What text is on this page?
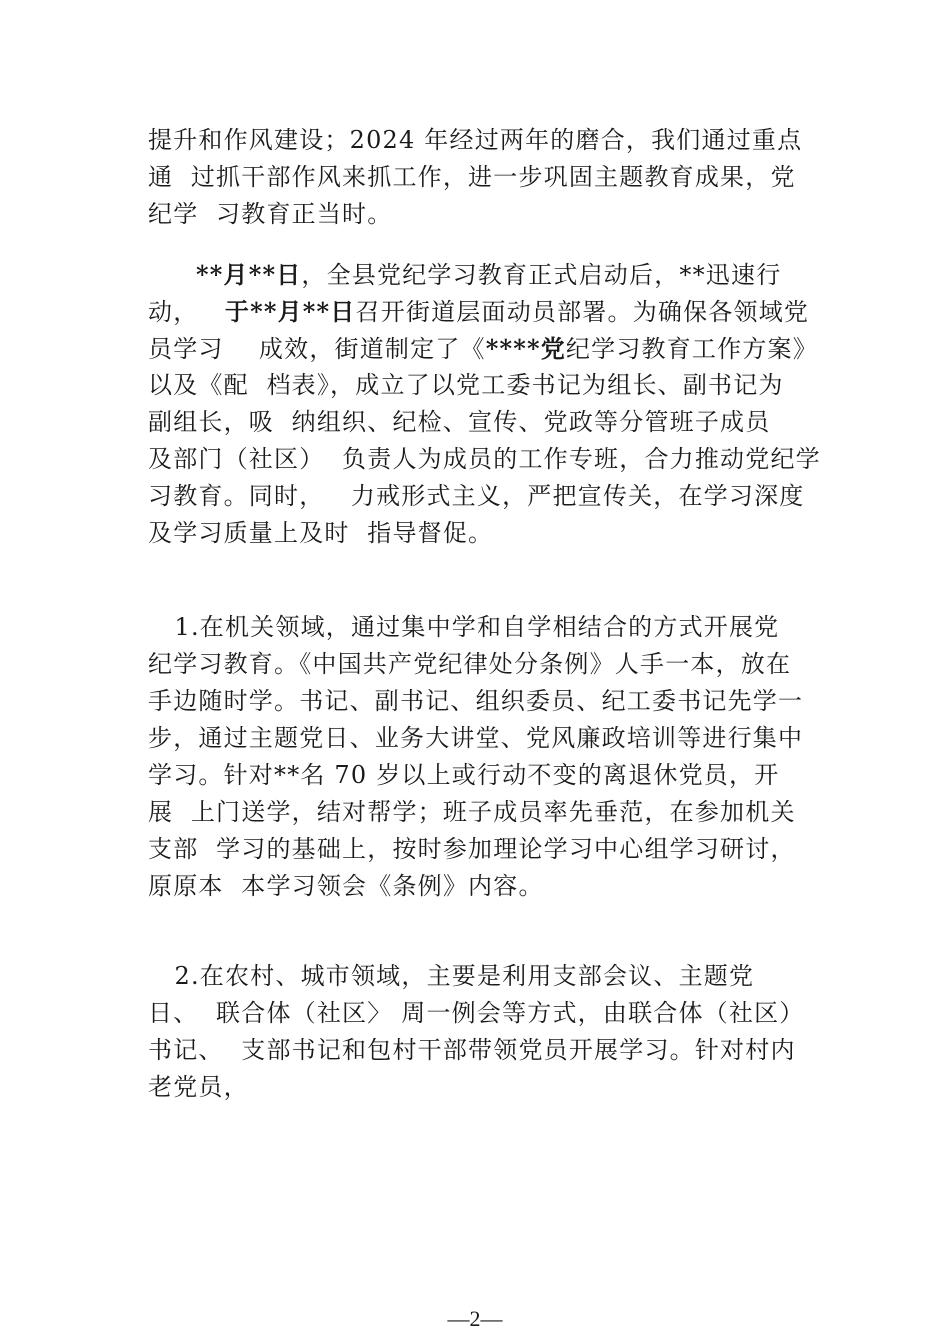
提升和作风建设；2024 年经过两年的磨合，我们通过重点
通  过抓干部作风来抓工作，进一步巩固主题教育成果，党
纪学  习教育正当时。
**月**日，全县党纪学习教育正式启动后，**迅速行
动，   于**月**日召开街道层面动员部署。为确保各领域党
员学习    成效，街道制定了《****党纪学习教育工作方案》
以及《配  档表》，成立了以党工委书记为组长、副书记为
副组长，吸  纳组织、纪检、宣传、党政等分管班子成员
及部门（社区）  负责人为成员的工作专班，合力推动党纪学
习教育。同时，   力戒形式主义，严把宣传关，在学习深度
及学习质量上及时  指导督促。
1.在机关领域，通过集中学和自学相结合的方式开展党
纪学习教育。《中国共产党纪律处分条例》人手一本，放在
手边随时学。书记、副书记、组织委员、纪工委书记先学一
步，通过主题党日、业务大讲堂、党风廉政培训等进行集中
学习。针对**名 70 岁以上或行动不变的离退休党员，开
展  上门送学，结对帮学；班子成员率先垂范，在参加机关
支部  学习的基础上，按时参加理论学习中心组学习研讨，
原原本  本学习领会《条例》内容。
2.在农村、城市领域，主要是利用支部会议、主题党
日、  联合体（社区〉 周一例会等方式，由联合体（社区）
书记、  支部书记和包村干部带领党员开展学习。针对村内
老党员，
—2—
